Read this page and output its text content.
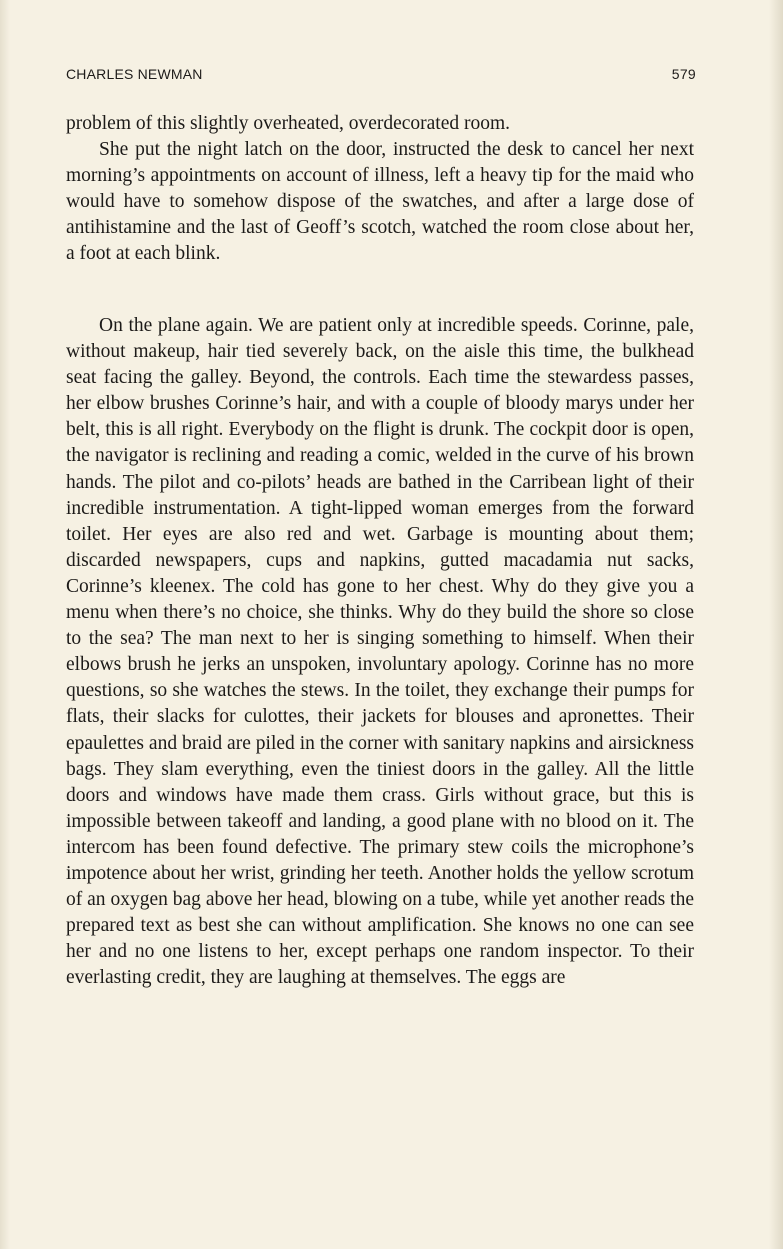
CHARLES NEWMAN	579

problem of this slightly overheated, overdecorated room.

She put the night latch on the door, instructed the desk to cancel her next morning’s appointments on account of illness, left a heavy tip for the maid who would have to somehow dispose of the swatches, and after a large dose of antihistamine and the last of Geoff’s scotch, watched the room close about her, a foot at each blink.

On the plane again. We are patient only at incredible speeds. Corinne, pale, without makeup, hair tied severely back, on the aisle this time, the bulkhead seat facing the galley. Beyond, the controls. Each time the stewardess passes, her elbow brushes Corinne’s hair, and with a couple of bloody marys under her belt, this is all right. Everybody on the flight is drunk. The cockpit door is open, the navigator is reclining and reading a comic, welded in the curve of his brown hands. The pilot and co-pilots’ heads are bathed in the Carribean light of their incredible instrumentation. A tight-lipped woman emerges from the forward toilet. Her eyes are also red and wet. Garbage is mounting about them; discarded newspapers, cups and napkins, gutted macadamia nut sacks, Corinne’s kleenex. The cold has gone to her chest. Why do they give you a menu when there’s no choice, she thinks. Why do they build the shore so close to the sea? The man next to her is singing something to himself. When their elbows brush he jerks an unspoken, involuntary apology. Corinne has no more questions, so she watches the stews. In the toilet, they exchange their pumps for flats, their slacks for culottes, their jackets for blouses and apronettes. Their epaulettes and braid are piled in the corner with sanitary napkins and airsickness bags. They slam everything, even the tiniest doors in the galley. All the little doors and windows have made them crass. Girls without grace, but this is impossible between takeoff and landing, a good plane with no blood on it. The intercom has been found defective. The primary stew coils the microphone’s impotence about her wrist, grinding her teeth. Another holds the yellow scrotum of an oxygen bag above her head, blowing on a tube, while yet another reads the prepared text as best she can without amplification. She knows no one can see her and no one listens to her, except perhaps one random inspector. To their everlasting credit, they are laughing at themselves. The eggs are
